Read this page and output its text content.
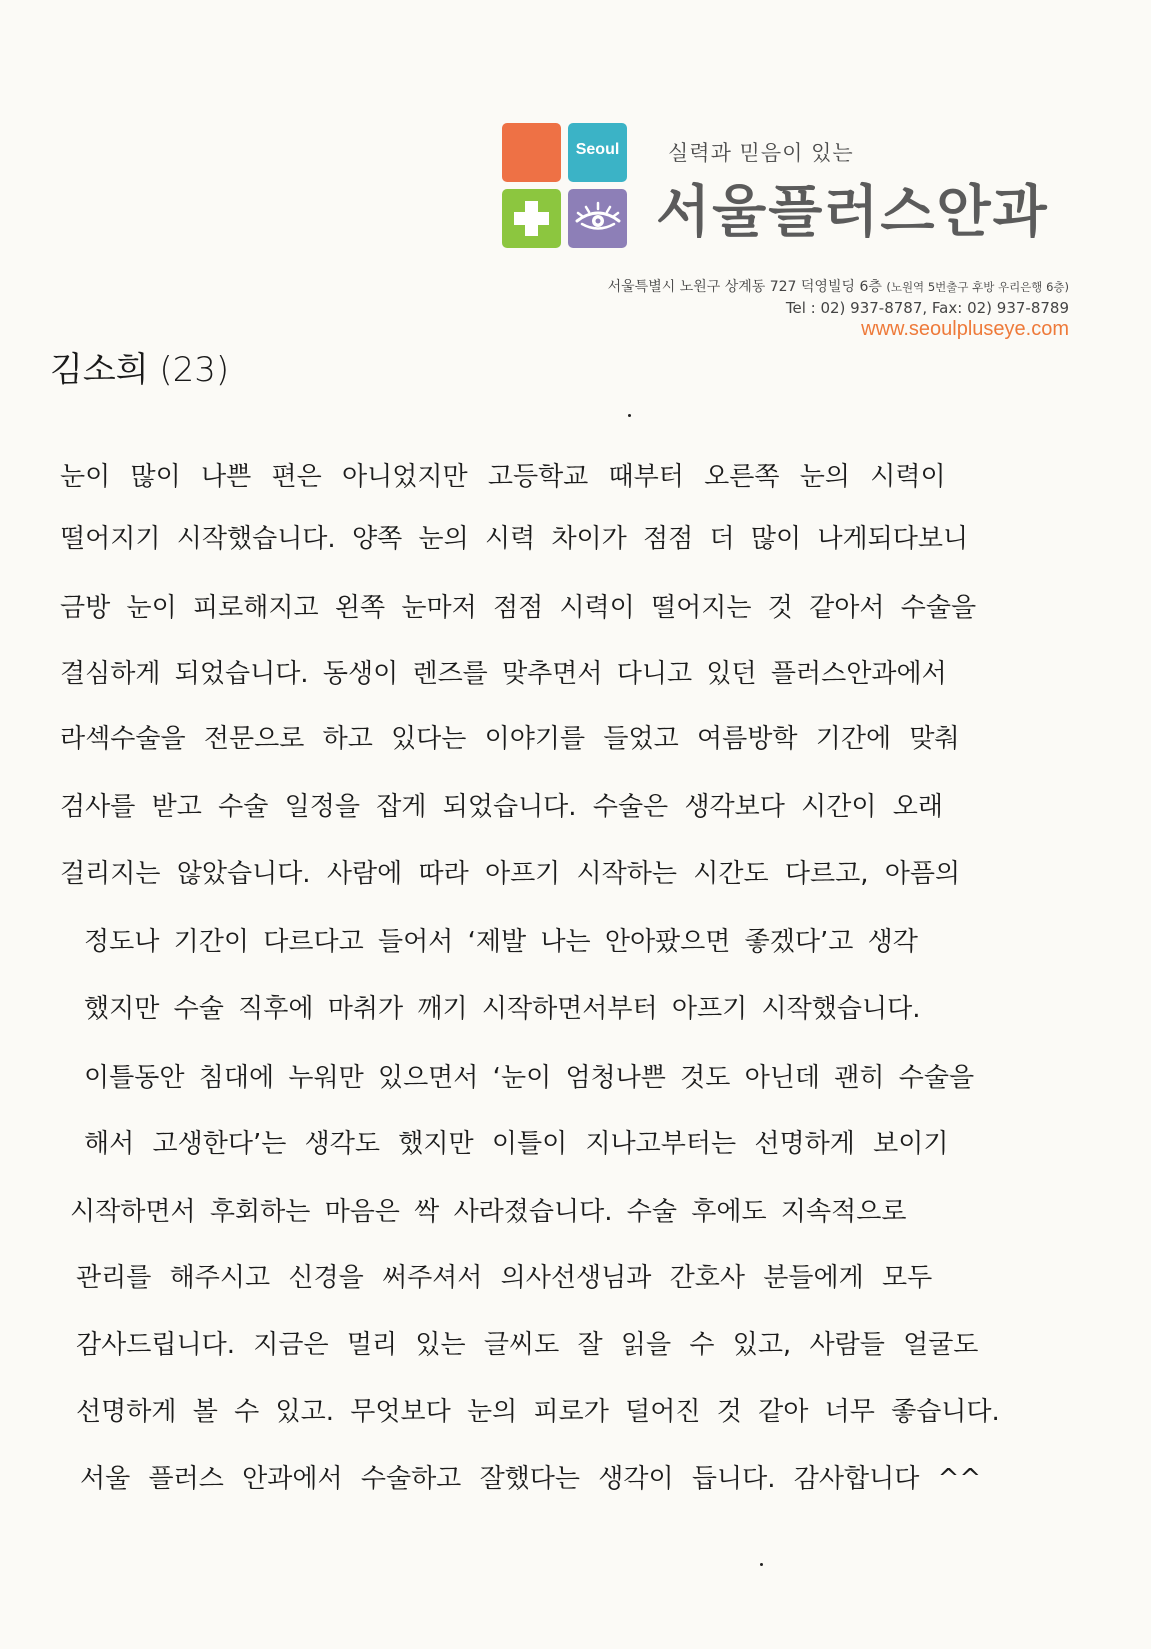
Seoul	실력과 믿음이 있는
서울플러스안과
서울특별시 노원구 상계동 727 덕영빌딩 6층 (노원역 5번출구 후방 우리은행 6층)
Tel : 02) 937-8787, Fax: 02) 937-8789
www.seoulpluseye.com
김소희 (23)
눈이 많이 나쁜 편은 아니었지만 고등학교 때부터 오른쪽 눈의 시력이
떨어지기 시작했습니다. 양쪽 눈의 시력 차이가 점점 더 많이 나게되다보니
금방 눈이 피로해지고 왼쪽 눈마저 점점 시력이 떨어지는 것 같아서 수술을
결심하게 되었습니다. 동생이 렌즈를 맞추면서 다니고 있던 플러스안과에서
라섹수술을 전문으로 하고 있다는 이야기를 들었고 여름방학 기간에 맞춰
검사를 받고 수술 일정을 잡게 되었습니다. 수술은 생각보다 시간이 오래
걸리지는 않았습니다. 사람에 따라 아프기 시작하는 시간도 다르고, 아픔의
정도나 기간이 다르다고 들어서 ‘제발 나는 안아팠으면 좋겠다’고 생각
했지만 수술 직후에 마취가 깨기 시작하면서부터 아프기 시작했습니다.
이틀동안 침대에 누워만 있으면서 ‘눈이 엄청나쁜 것도 아닌데 괜히 수술을
해서 고생한다’는 생각도 했지만 이틀이 지나고부터는 선명하게 보이기
시작하면서 후회하는 마음은 싹 사라졌습니다. 수술 후에도 지속적으로
관리를 해주시고 신경을 써주셔서 의사선생님과 간호사 분들에게 모두
감사드립니다. 지금은 멀리 있는 글씨도 잘 읽을 수 있고, 사람들 얼굴도
선명하게 볼 수 있고. 무엇보다 눈의 피로가 덜어진 것 같아 너무 좋습니다.
서울 플러스 안과에서 수술하고 잘했다는 생각이 듭니다. 감사합니다 ^^
